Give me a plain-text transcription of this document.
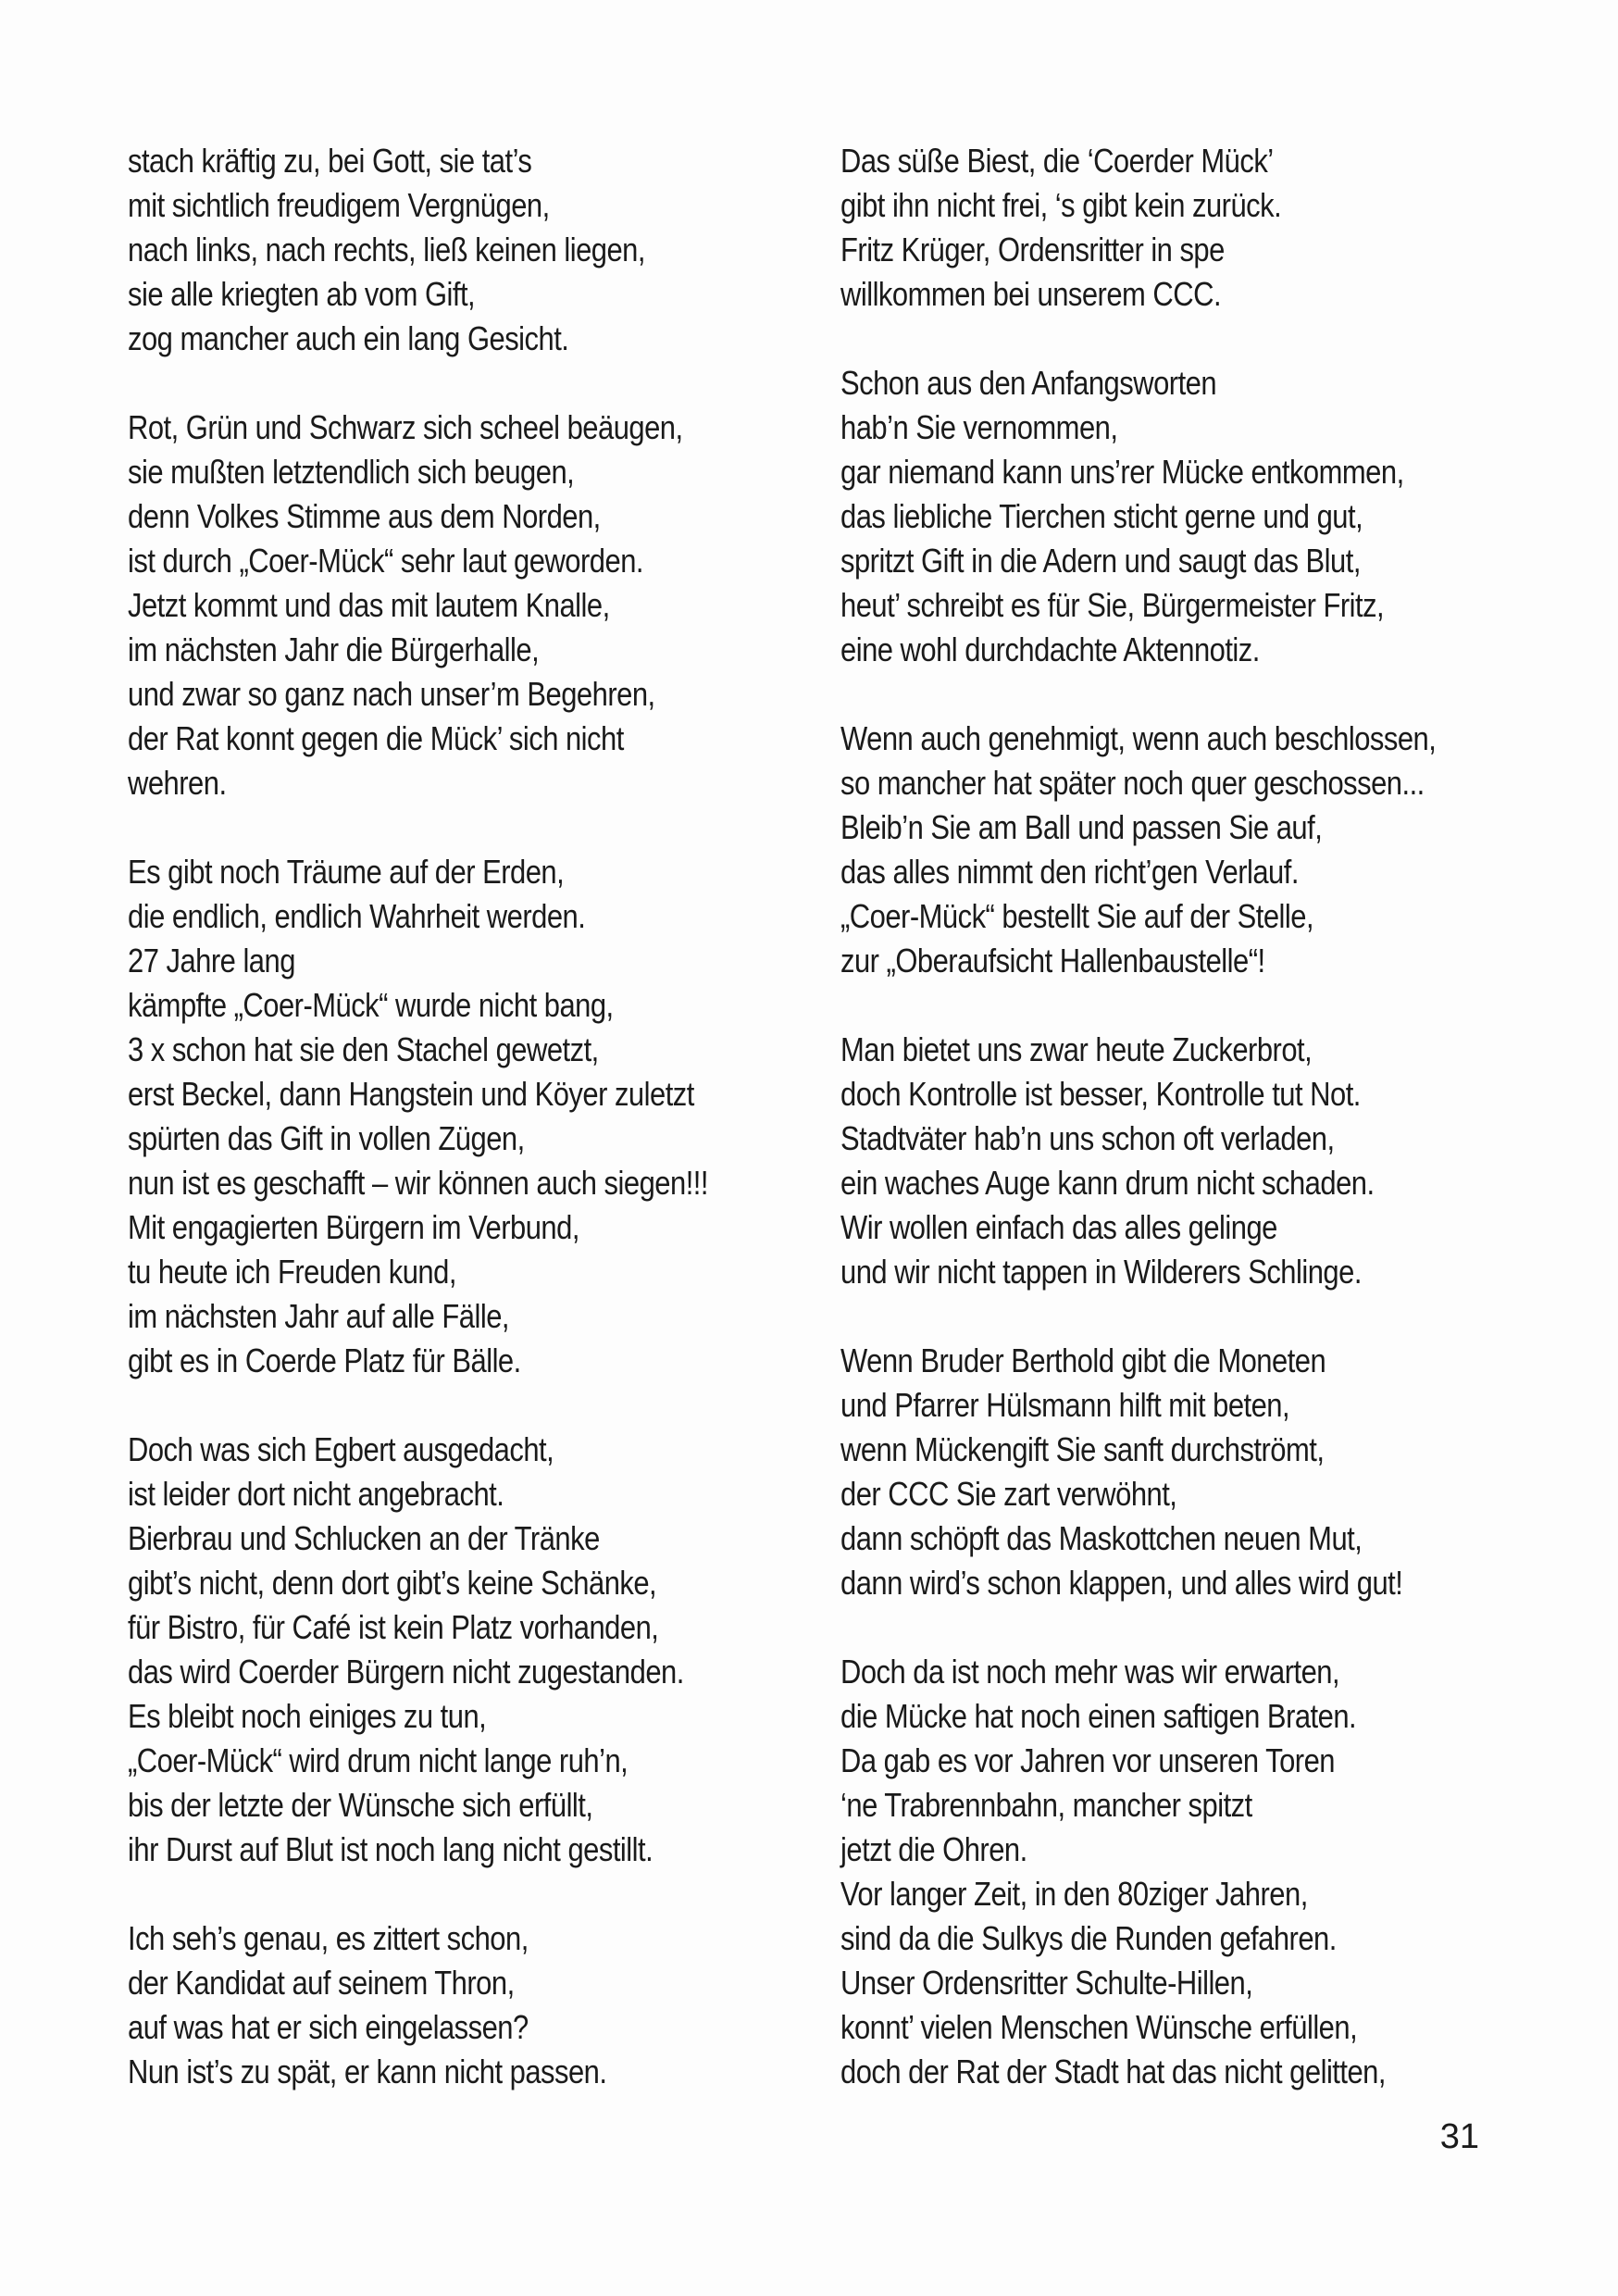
stach kräftig zu, bei Gott, sie tat’s
mit sichtlich freudigem Vergnügen,
nach links, nach rechts, ließ keinen liegen,
sie alle kriegten ab vom Gift,
zog mancher auch ein lang Gesicht.
Rot, Grün und Schwarz sich scheel beäugen,
sie mußten letztendlich sich beugen,
denn Volkes Stimme aus dem Norden,
ist durch „Coer-Mück“ sehr laut geworden.
Jetzt kommt und das mit lautem Knalle,
im nächsten Jahr die Bürgerhalle,
und zwar so ganz nach unser’m Begehren,
der Rat konnt gegen die Mück’ sich nicht
wehren.
Es gibt noch Träume auf der Erden,
die endlich, endlich Wahrheit werden.
27 Jahre lang
kämpfte „Coer-Mück“ wurde nicht bang,
3 x schon hat sie den Stachel gewetzt,
erst Beckel, dann Hangstein und Köyer zuletzt
spürten das Gift in vollen Zügen,
nun ist es geschafft – wir können auch siegen!!!
Mit engagierten Bürgern im Verbund,
tu heute ich Freuden kund,
im nächsten Jahr auf alle Fälle,
gibt es in Coerde Platz für Bälle.
Doch was sich Egbert ausgedacht,
ist leider dort nicht angebracht.
Bierbrau und Schlucken an der Tränke
gibt’s nicht, denn dort gibt’s keine Schänke,
für Bistro, für Café ist kein Platz vorhanden,
das wird Coerder Bürgern nicht zugestanden.
Es bleibt noch einiges zu tun,
„Coer-Mück“ wird drum nicht lange ruh’n,
bis der letzte der Wünsche sich erfüllt,
ihr Durst auf Blut ist noch lang nicht gestillt.
Ich seh’s genau, es zittert schon,
der Kandidat auf seinem Thron,
auf was hat er sich eingelassen?
Nun ist’s zu spät, er kann nicht passen.
Das süße Biest, die ‘Coerder Mück’
gibt ihn nicht frei, ‘s gibt kein zurück.
Fritz Krüger, Ordensritter in spe
willkommen bei unserem CCC.
Schon aus den Anfangsworten
hab’n Sie vernommen,
gar niemand kann uns’rer Mücke entkommen,
das liebliche Tierchen sticht gerne und gut,
spritzt Gift in die Adern und saugt das Blut,
heut’ schreibt es für Sie, Bürgermeister Fritz,
eine wohl durchdachte Aktennotiz.
Wenn auch genehmigt, wenn auch beschlossen,
so mancher hat später noch quer geschossen...
Bleib’n Sie am Ball und passen Sie auf,
das alles nimmt den richt’gen Verlauf.
„Coer-Mück“ bestellt Sie auf der Stelle,
zur „Oberaufsicht Hallenbaustelle“!
Man bietet uns zwar heute Zuckerbrot,
doch Kontrolle ist besser, Kontrolle tut Not.
Stadtväter hab’n uns schon oft verladen,
ein waches Auge kann drum nicht schaden.
Wir wollen einfach das alles gelinge
und wir nicht tappen in Wilderers Schlinge.
Wenn Bruder Berthold gibt die Moneten
und Pfarrer Hülsmann hilft mit beten,
wenn Mückengift Sie sanft durchströmt,
der CCC Sie zart verwöhnt,
dann schöpft das Maskottchen neuen Mut,
dann wird’s schon klappen, und alles wird gut!
Doch da ist noch mehr was wir erwarten,
die Mücke hat noch einen saftigen Braten.
Da gab es vor Jahren vor unseren Toren
‘ne Trabrennbahn, mancher spitzt
jetzt die Ohren.
Vor langer Zeit, in den 80ziger Jahren,
sind da die Sulkys die Runden gefahren.
Unser Ordensritter Schulte-Hillen,
konnt’ vielen Menschen Wünsche erfüllen,
doch der Rat der Stadt hat das nicht gelitten,
31
